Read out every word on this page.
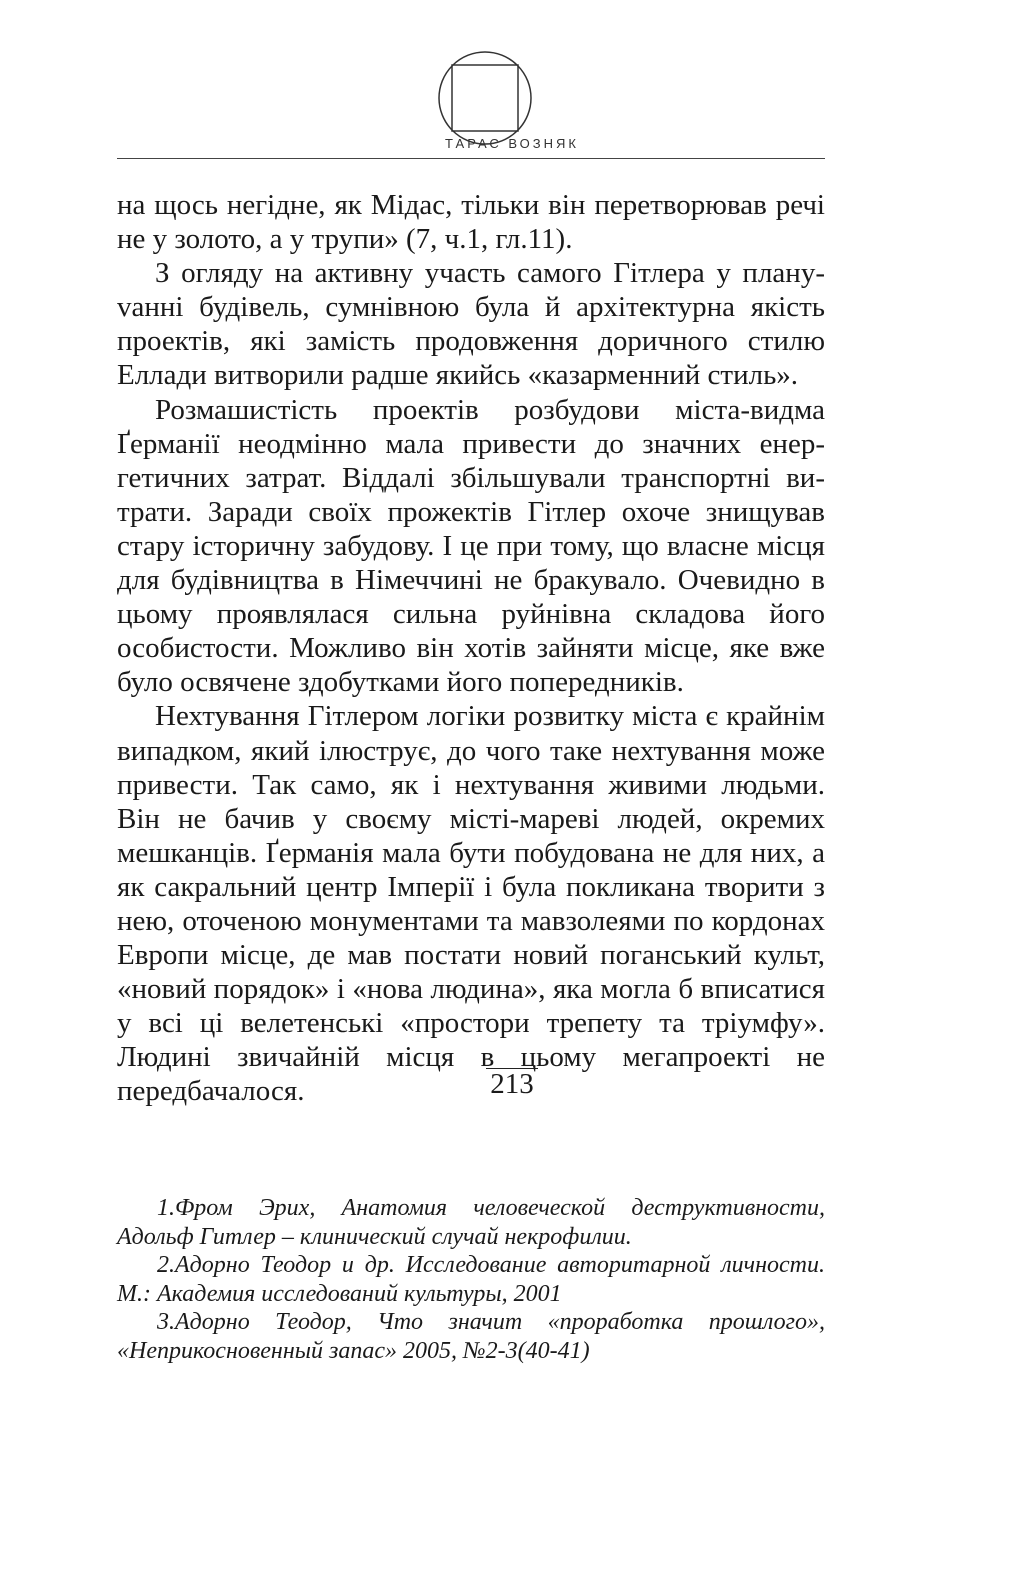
ТАРАС ВОЗНЯК

на щось негідне, як Мідас, тільки він перетворював речі не у золото, а у трупи» (7, ч.1, гл.11).

З огляду на активну участь самого Гітлера у плануvанні будівель, сумнівною була й архітектурна якість проектів, які замість продовження доричного стилю Еллади витворили радше якийсь «казарменний стиль».

Розмашистість проектів розбудови міста-видма Ґерманії неодмінно мала привести до значних енергетичних затрат. Віддалі збільшували транспортні витрати. Заради своїх прожектів Гітлер охоче знищував стару історичну забудову. І це при тому, що власне місця для будівництва в Німеччині не бракувало. Очевидно в цьому проявлялася сильна руйнівна складова його особистости. Можливо він хотів зайняти місце, яке вже було освячене здобутками його попередників.

Нехтування Гітлером логіки розвитку міста є крайнім випадком, який ілюструє, до чого таке нехтування може привести. Так само, як і нехтування живими людьми. Він не бачив у своєму місті-мареві людей, окремих мешканців. Ґерманія мала бути побудована не для них, а як сакральний центр Імперії і була покликана творити з нею, оточеною монументами та мавзолеями по кордонах Европи місце, де мав постати новий поганський культ, «новий порядок» і «нова людина», яка могла б вписатися у всі ці велетенські «простори трепету та тріумфу». Людині звичайній місця в цьому мегапроекті не передбачалося.

1.Фром Эрих, Анатомия человеческой деструктивности, Адольф Гитлер – клинический случай некрофилии.

2.Адорно Теодор и др. Исследование авторитарной личности. М.: Академия исследований культуры, 2001

3.Адорно Теодор, Что значит «проработка прошлого», «Неприкосновенный запас» 2005, №2-3(40-41)

213
